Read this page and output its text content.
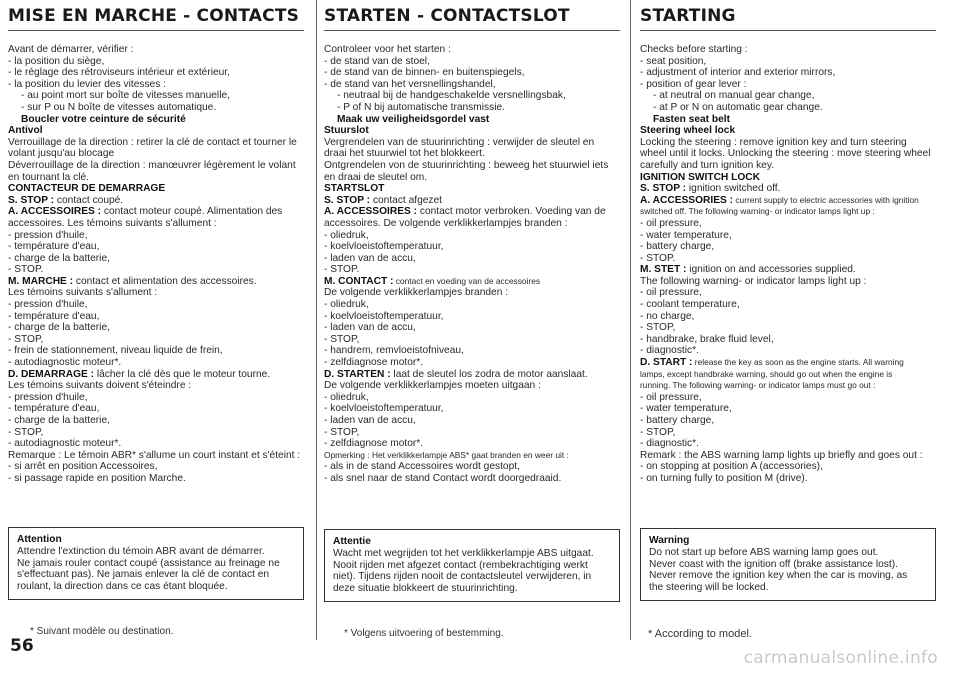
MISE EN MARCHE - CONTACTS
Avant de démarrer, vérifier :
- la position du siège,
- le réglage des rétroviseurs intérieur et extérieur,
- la position du levier des vitesses :
- au point mort sur boîte de vitesses manuelle,
- sur P ou N boîte de vitesses automatique.
Boucler votre ceinture de sécurité
Antivol
Verrouillage de la direction : retirer la clé de contact et tourner le
volant jusqu'au blocage
Déverrouillage de la direction : manœuvrer légèrement le volant
en tournant la clé.
CONTACTEUR DE DEMARRAGE
S. STOP : contact coupé.
A. ACCESSOIRES : contact moteur coupé. Alimentation des
accessoires. Les témoins suivants s'allument :
- pression d'huile,
- température d'eau,
- charge de la batterie,
- STOP.
M. MARCHE : contact et alimentation des accessoires.
Les témoins suivants s'allument :
- pression d'huile,
- température d'eau,
- charge de la batterie,
- STOP,
- frein de stationnement, niveau liquide de frein,
- autodiagnostic moteur*.
D. DEMARRAGE : lâcher la clé dès que le moteur tourne.
Les témoins suivants doivent s'éteindre :
- pression d'huile,
- température d'eau,
- charge de la batterie,
- STOP,
- autodiagnostic moteur*.
Remarque : Le témoin ABR* s'allume un court instant et s'éteint :
- si arrêt en position Accessoires,
- si passage rapide en position Marche.
Attention
Attendre l'extinction du témoin ABR avant de démarrer.
Ne jamais rouler contact coupé (assistance au freinage ne
s'effectuant pas). Ne jamais enlever la clé de contact en
roulant, la direction dans ce cas étant bloquée.
* Suivant modèle ou destination.
56
STARTEN - CONTACTSLOT
Controleer voor het starten :
- de stand van de stoel,
- de stand van de binnen- en buitenspiegels,
- de stand van het versnellingshandel,
- neutraal bij de handgeschakelde versnellingsbak,
- P of N bij automatische transmissie.
Maak uw veiligheidsgordel vast
Stuurslot
Vergrendelen van de stuurinrichting : verwijder de sleutel en
draai het stuurwiel tot het blokkeert.
Ontgrendelen von de stuurinrichting : beweeg het stuurwiel iets
en draai de sleutel om.
STARTSLOT
S. STOP : contact afgezet
A. ACCESSOIRES : contact motor verbroken. Voeding van de
accessoires. De volgende verklikkerlampjes branden :
- oliedruk,
- koelvloeistoftemperatuur,
- laden van de accu,
- STOP.
M. CONTACT : contact en voeding van de accessoires
De volgende verklikkerlampjes branden :
- oliedruk,
- koelvloeistoftemperatuur,
- laden van de accu,
- STOP,
- handrem, remvloeistofniveau,
- zelfdiagnose motor*.
D. STARTEN : laat de sleutel los zodra de motor aanslaat.
De volgende verklikkerlampjes moeten uitgaan :
- oliedruk,
- koelvloeistoftemperatuur,
- laden van de accu,
- STOP,
- zelfdiagnose motor*.
Opmerking : Het verklikkerlampje ABS* gaat branden en weer uit :
- als in de stand Accessoires wordt gestopt,
- als snel naar de stand Contact wordt doorgedraaid.
Attentie
Wacht met wegrijden tot het verklikkerlampje ABS uitgaat.
Nooit rijden met afgezet contact (rembekrachtiging werkt
niet). Tijdens rijden nooit de contactsleutel verwijderen, in
deze situatie blokkeert de stuurinrichting.
* Volgens uitvoering of bestemming.
STARTING
Checks before starting :
- seat position,
- adjustment of interior and exterior mirrors,
- position of gear lever :
- at neutral on manual gear change,
- at P or N on automatic gear change.
Fasten seat belt
Steering wheel lock
Locking the steering : remove ignition key and turn steering
wheel until it locks. Unlocking the steering : move steering wheel
carefully and turn ignition key.
IGNITION SWITCH LOCK
S. STOP : ignition switched off.
A. ACCESSORIES : current supply to electric accessories with ignition
switched off. The following warning- or indicator lamps light up :
- oil pressure,
- water temperature,
- battery charge,
- STOP.
M. STET : ignition on and accessories supplied.
The following warning- or indicator lamps light up :
- oil pressure,
- coolant temperature,
- no charge,
- STOP,
- handbrake, brake fluid level,
- diagnostic*.
D. START : release the key as soon as the engine starts. All warning
lamps, except handbrake warning, should go out when the engine is
running. The following warning- or indicator lamps must go out :
- oil pressure,
- water temperature,
- battery charge,
- STOP,
- diagnostic*.
Remark : the ABS warning lamp lights up briefly and goes out :
- on stopping at position A (accessories),
- on turning fully to position M (drive).
Warning
Do not start up before ABS warning lamp goes out.
Never coast with the ignition off (brake assistance lost).
Never remove the ignition key when the car is moving, as
the steering will be locked.
* According to model.
carmanualsonline.info
